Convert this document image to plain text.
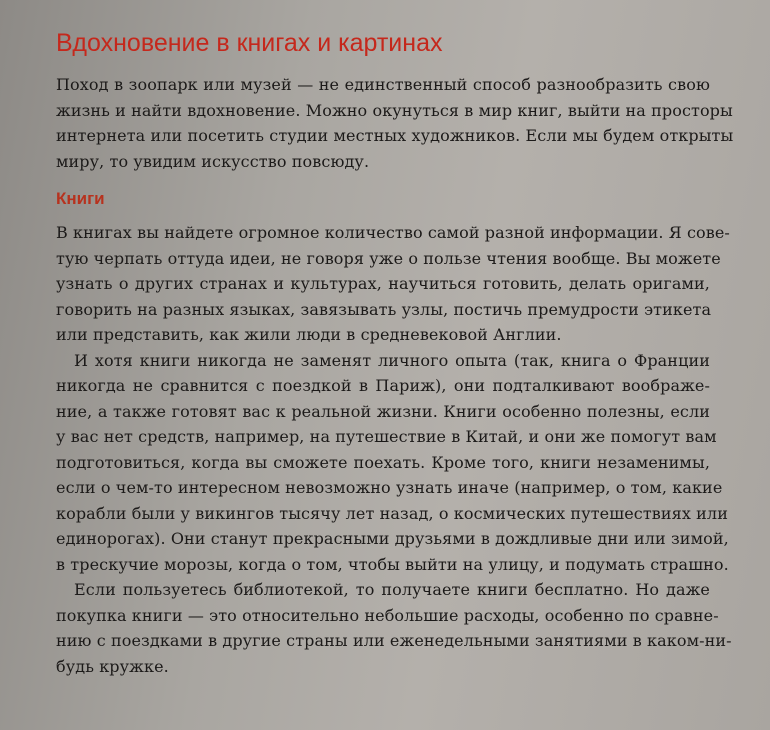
Вдохновение в книгах и картинах
Поход в зоопарк или музей — не единственный способ разнообразить свою
жизнь и найти вдохновение. Можно окунуться в мир книг, выйти на просторы
интернета или посетить студии местных художников. Если мы будем открыты
миру, то увидим искусство повсюду.
Книги
В книгах вы найдете огромное количество самой разной информации. Я сове-
тую черпать оттуда идеи, не говоря уже о пользе чтения вообще. Вы можете
узнать о других странах и культурах, научиться готовить, делать оригами,
говорить на разных языках, завязывать узлы, постичь премудрости этикета
или представить, как жили люди в средневековой Англии.
И хотя книги никогда не заменят личного опыта (так, книга о Франции
никогда не сравнится с поездкой в Париж), они подталкивают воображе-
ние, а также готовят вас к реальной жизни. Книги особенно полезны, если
у вас нет средств, например, на путешествие в Китай, и они же помогут вам
подготовиться, когда вы сможете поехать. Кроме того, книги незаменимы,
если о чем-то интересном невозможно узнать иначе (например, о том, какие
корабли были у викингов тысячу лет назад, о космических путешествиях или
единорогах). Они станут прекрасными друзьями в дождливые дни или зимой,
в трескучие морозы, когда о том, чтобы выйти на улицу, и подумать страшно.
Если пользуетесь библиотекой, то получаете книги бесплатно. Но даже
покупка книги — это относительно небольшие расходы, особенно по сравне-
нию с поездками в другие страны или еженедельными занятиями в каком-ни-
будь кружке.
